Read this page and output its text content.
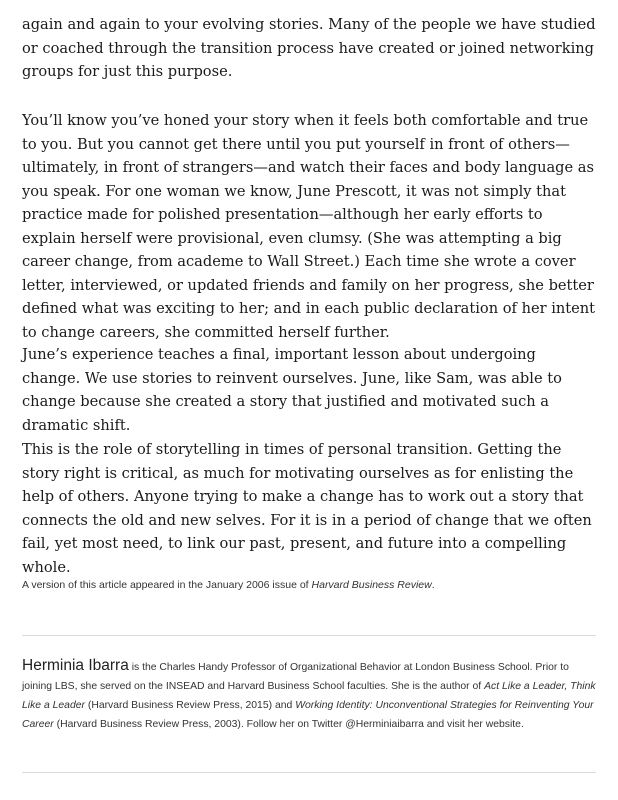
again and again to your evolving stories. Many of the people we have studied or coached through the transition process have created or joined networking groups for just this purpose.

You’ll know you’ve honed your story when it feels both comfortable and true to you. But you cannot get there until you put yourself in front of others—ultimately, in front of strangers—and watch their faces and body language as you speak. For one woman we know, June Prescott, it was not simply that practice made for polished presentation—although her early efforts to explain herself were provisional, even clumsy. (She was attempting a big career change, from academe to Wall Street.) Each time she wrote a cover letter, interviewed, or updated friends and family on her progress, she better defined what was exciting to her; and in each public declaration of her intent to change careers, she committed herself further.

June’s experience teaches a final, important lesson about undergoing change. We use stories to reinvent ourselves. June, like Sam, was able to change because she created a story that justified and motivated such a dramatic shift.

This is the role of storytelling in times of personal transition. Getting the story right is critical, as much for motivating ourselves as for enlisting the help of others. Anyone trying to make a change has to work out a story that connects the old and new selves. For it is in a period of change that we often fail, yet most need, to link our past, present, and future into a compelling whole.

A version of this article appeared in the January 2006 issue of Harvard Business Review.

Herminia Ibarra is the Charles Handy Professor of Organizational Behavior at London Business School. Prior to joining LBS, she served on the INSEAD and Harvard Business School faculties. She is the author of Act Like a Leader, Think Like a Leader (Harvard Business Review Press, 2015) and Working Identity: Unconventional Strategies for Reinventing Your Career (Harvard Business Review Press, 2003). Follow her on Twitter @Herminiaibarra and visit her website.
